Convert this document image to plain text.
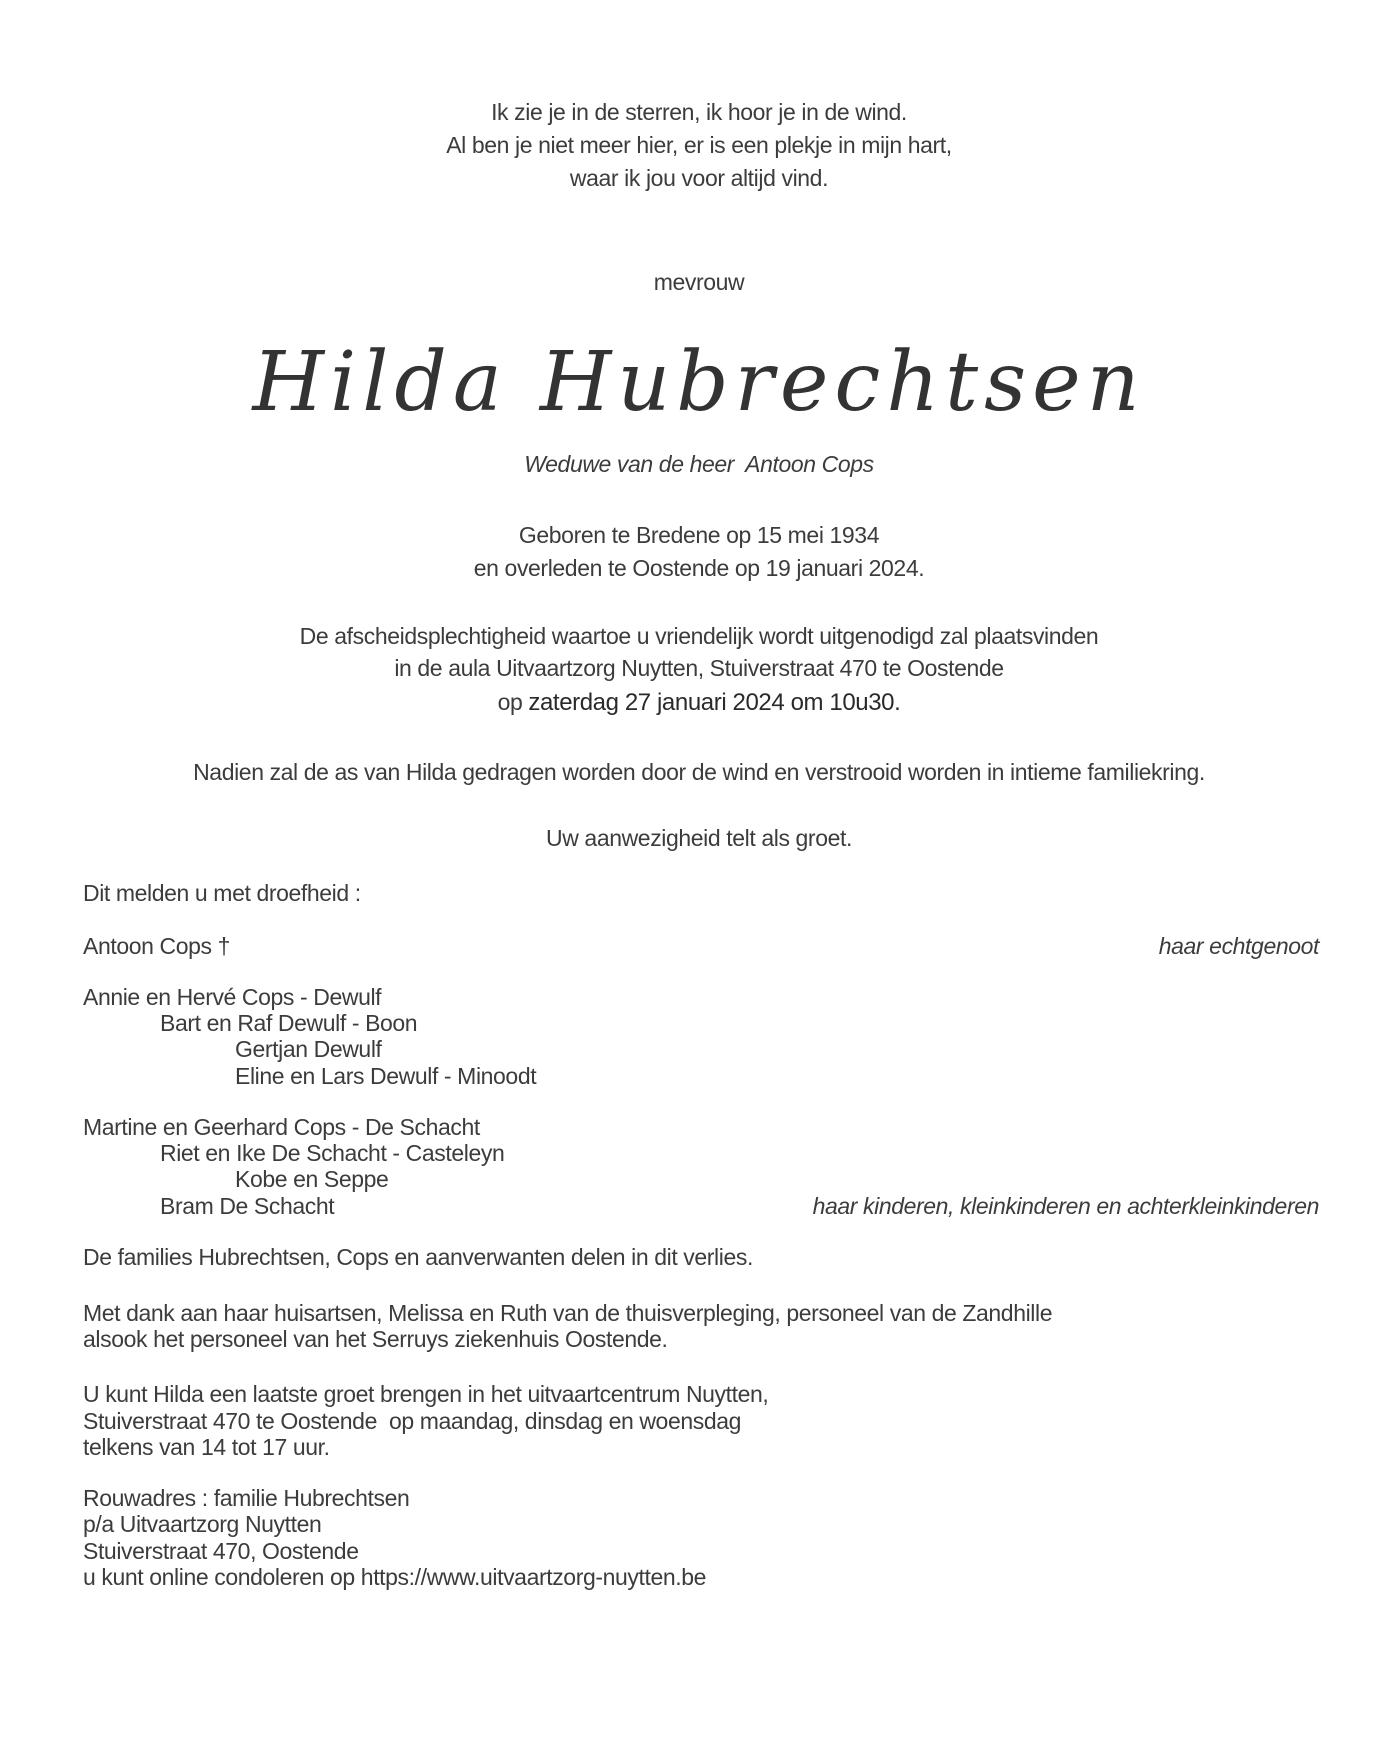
Ik zie je in de sterren, ik hoor je in de wind.
Al ben je niet meer hier, er is een plekje in mijn hart,
waar ik jou voor altijd vind.
mevrouw
Hilda Hubrechtsen
Weduwe van de heer  Antoon Cops
Geboren te Bredene op 15 mei 1934
en overleden te Oostende op 19 januari 2024.
De afscheidsplechtigheid waartoe u vriendelijk wordt uitgenodigd zal plaatsvinden
in de aula Uitvaartzorg Nuytten, Stuiverstraat 470 te Oostende
op zaterdag 27 januari 2024 om 10u30.
Nadien zal de as van Hilda gedragen worden door de wind en verstrooid worden in intieme familiekring.
Uw aanwezigheid telt als groet.
Dit melden u met droefheid :
Antoon Cops †	haar echtgenoot
Annie en Hervé Cops - Dewulf
Bart en Raf Dewulf - Boon
Gertjan Dewulf
Eline en Lars Dewulf - Minoodt
Martine en Geerhard Cops - De Schacht
Riet en Ike De Schacht - Casteleyn
Kobe en Seppe
Bram De Schacht	haar kinderen, kleinkinderen en achterkleinkinderen
De families Hubrechtsen, Cops en aanverwanten delen in dit verlies.
Met dank aan haar huisartsen, Melissa en Ruth van de thuisverpleging, personeel van de Zandhille
alsook het personeel van het Serruys ziekenhuis Oostende.
U kunt Hilda een laatste groet brengen in het uitvaartcentrum Nuytten,
Stuiverstraat 470 te Oostende  op maandag, dinsdag en woensdag
telkens van 14 tot 17 uur.
Rouwadres : familie Hubrechtsen
p/a Uitvaartzorg Nuytten
Stuiverstraat 470, Oostende
u kunt online condoleren op https://www.uitvaartzorg-nuytten.be
